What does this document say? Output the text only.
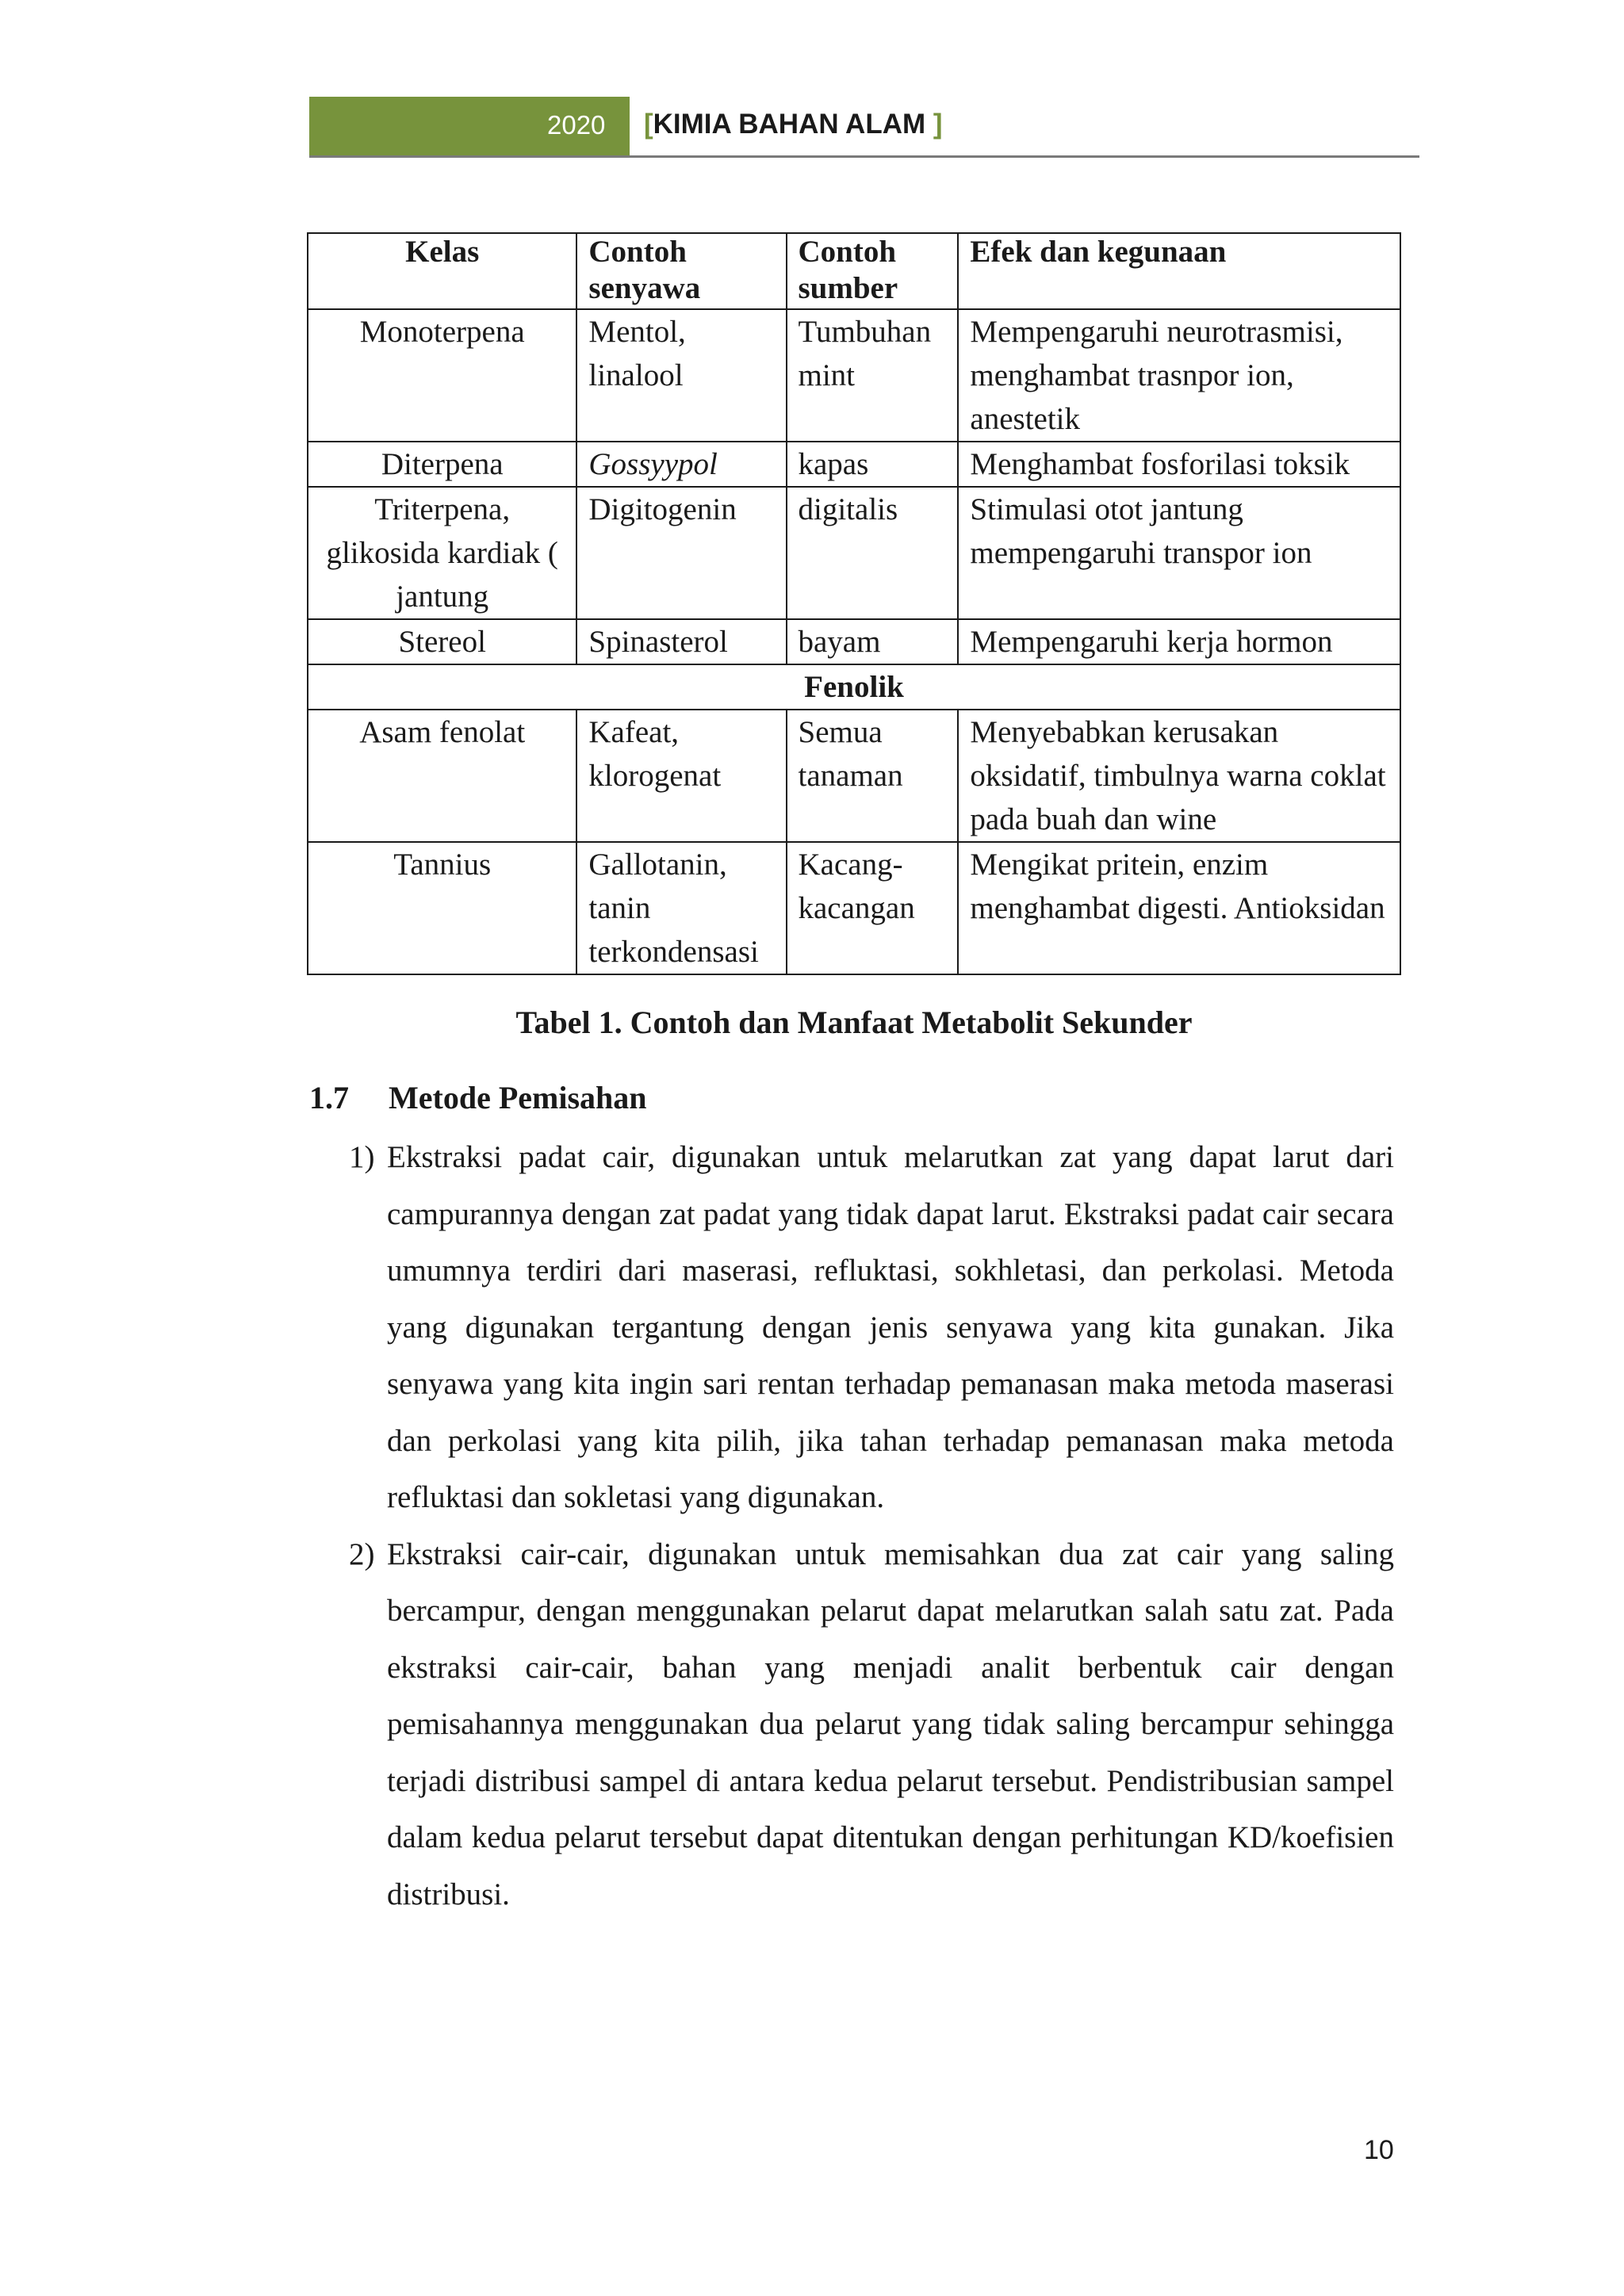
2020 [KIMIA BAHAN ALAM ]
Kelas	Contoh senyawa	Contoh sumber	Efek dan kegunaan
Monoterpena	Mentol, linalool	Tumbuhan mint	Mempengaruhi neurotrasmisi, menghambat trasnpor ion, anestetik
Diterpena	Gossyypol	kapas	Menghambat fosforilasi toksik
Triterpena, glikosida kardiak ( jantung	Digitogenin	digitalis	Stimulasi otot jantung mempengaruhi transpor ion
Stereol	Spinasterol	bayam	Mempengaruhi kerja hormon
Fenolik			
Asam fenolat	Kafeat, klorogenat	Semua tanaman	Menyebabkan kerusakan oksidatif, timbulnya warna coklat pada buah dan wine
Tannius	Gallotanin, tanin terkondensasi	Kacang-kacangan	Mengikat pritein, enzim menghambat digesti. Antioksidan
Tabel 1. Contoh dan Manfaat Metabolit Sekunder
1.7 Metode Pemisahan
1) Ekstraksi padat cair, digunakan untuk melarutkan zat yang dapat larut dari campurannya dengan zat padat yang tidak dapat larut. Ekstraksi padat cair secara umumnya terdiri dari maserasi, refluktasi, sokhletasi, dan perkolasi. Metoda yang digunakan tergantung dengan jenis senyawa yang kita gunakan. Jika senyawa yang kita ingin sari rentan terhadap pemanasan maka metoda maserasi dan perkolasi yang kita pilih, jika tahan terhadap pemanasan maka metoda refluktasi dan sokletasi yang digunakan.
2) Ekstraksi cair-cair, digunakan untuk memisahkan dua zat cair yang saling bercampur, dengan menggunakan pelarut dapat melarutkan salah satu zat. Pada ekstraksi cair-cair, bahan yang menjadi analit berbentuk cair dengan pemisahannya menggunakan dua pelarut yang tidak saling bercampur sehingga terjadi distribusi sampel di antara kedua pelarut tersebut. Pendistribusian sampel dalam kedua pelarut tersebut dapat ditentukan dengan perhitungan KD/koefisien distribusi.
10
